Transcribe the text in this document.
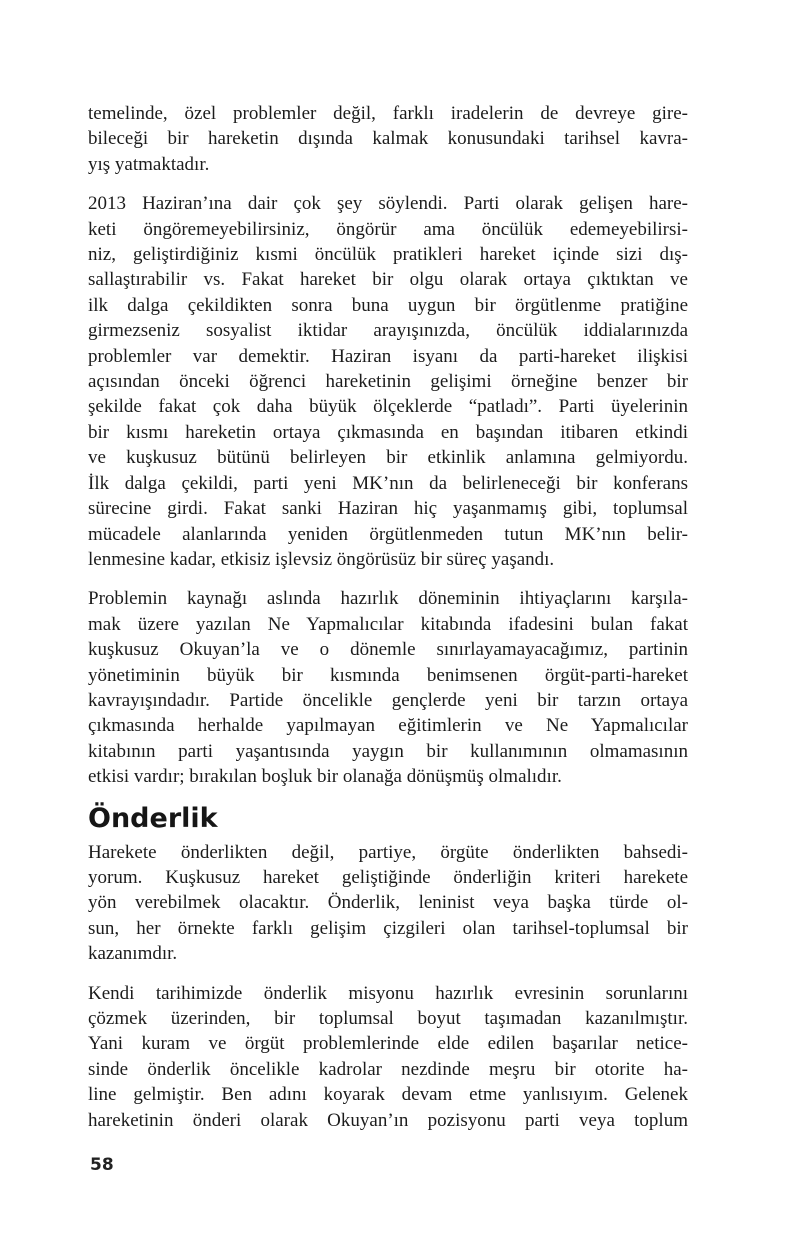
temelinde, özel problemler değil, farklı iradelerin de devreye gire-
bileceği bir hareketin dışında kalmak konusundaki tarihsel kavra-
yış yatmaktadır.

2013 Haziran’ına dair çok şey söylendi. Parti olarak gelişen hare-
keti öngöremeyebilirsiniz, öngörür ama öncülük edemeyebilirsi-
niz, geliştirdiğiniz kısmi öncülük pratikleri hareket içinde sizi dış-
sallaştırabilir vs. Fakat hareket bir olgu olarak ortaya çıktıktan ve
ilk dalga çekildikten sonra buna uygun bir örgütlenme pratiğine
girmezseniz sosyalist iktidar arayışınızda, öncülük iddialarınızda
problemler var demektir. Haziran isyanı da parti-hareket ilişkisi
açısından önceki öğrenci hareketinin gelişimi örneğine benzer bir
şekilde fakat çok daha büyük ölçeklerde “patladı”. Parti üyelerinin
bir kısmı hareketin ortaya çıkmasında en başından itibaren etkindi
ve kuşkusuz bütünü belirleyen bir etkinlik anlamına gelmiyordu.
İlk dalga çekildi, parti yeni MK’nın da belirleneceği bir konferans
sürecine girdi. Fakat sanki Haziran hiç yaşanmamış gibi, toplumsal
mücadele alanlarında yeniden örgütlenmeden tutun MK’nın belir-
lenmesine kadar, etkisiz işlevsiz öngörüsüz bir süreç yaşandı.

Problemin kaynağı aslında hazırlık döneminin ihtiyaçlarını karşıla-
mak üzere yazılan Ne Yapmalıcılar kitabında ifadesini bulan fakat
kuşkusuz Okuyan’la ve o dönemle sınırlayamayacağımız, partinin
yönetiminin büyük bir kısmında benimsenen örgüt-parti-hareket
kavrayışındadır. Partide öncelikle gençlerde yeni bir tarzın ortaya
çıkmasında herhalde yapılmayan eğitimlerin ve Ne Yapmalıcılar
kitabının parti yaşantısında yaygın bir kullanımının olmamasının
etkisi vardır; bırakılan boşluk bir olanağa dönüşmüş olmalıdır.

Önderlik

Harekete önderlikten değil, partiye, örgüte önderlikten bahsedi-
yorum. Kuşkusuz hareket geliştiğinde önderliğin kriteri harekete
yön verebilmek olacaktır. Önderlik, leninist veya başka türde ol-
sun, her örnekte farklı gelişim çizgileri olan tarihsel-toplumsal bir
kazanımdır.

Kendi tarihimizde önderlik misyonu hazırlık evresinin sorunlarını
çözmek üzerinden, bir toplumsal boyut taşımadan kazanılmıştır.
Yani kuram ve örgüt problemlerinde elde edilen başarılar netice-
sinde önderlik öncelikle kadrolar nezdinde meşru bir otorite ha-
line gelmiştir. Ben adını koyarak devam etme yanlısıyım. Gelenek
hareketinin önderi olarak Okuyan’ın pozisyonu parti veya toplum

58
